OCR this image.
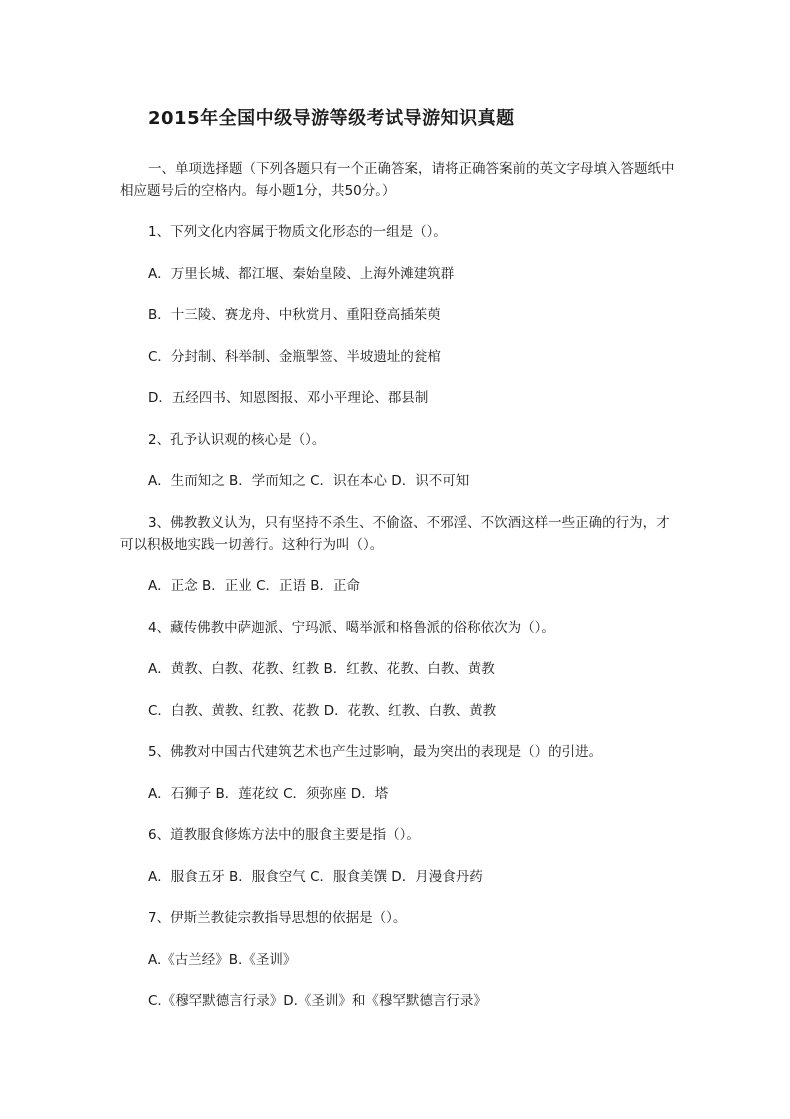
2015年全国中级导游等级考试导游知识真题
一、单项选择题（下列各题只有一个正确答案，请将正确答案前的英文字母填入答题纸中相应题号后的空格内。每小题1分，共50分。）
1、下列文化内容属于物质文化形态的一组是（）。
A．万里长城、都江堰、秦始皇陵、上海外滩建筑群
B．十三陵、赛龙舟、中秋赏月、重阳登高插茱萸
C．分封制、科举制、金瓶掣签、半坡遗址的瓮棺
D．五经四书、知恩图报、邓小平理论、郡县制
2、孔予认识观的核心是（）。
A．生而知之 B．学而知之 C．识在本心 D．识不可知
3、佛教教义认为，只有坚持不杀生、不偷盗、不邪淫、不饮酒这样一些正确的行为，才可以积极地实践一切善行。这种行为叫（）。
A．正念 B．正业 C．正语 B．正命
4、藏传佛教中萨迦派、宁玛派、噶举派和格鲁派的俗称依次为（）。
A．黄教、白教、花教、红教 B．红教、花教、白教、黄教
C．白教、黄教、红教、花教 D．花教、红教、白教、黄教
5、佛教对中国古代建筑艺术也产生过影响，最为突出的表现是（）的引进。
A．石狮子 B．莲花纹 C．须弥座 D．塔
6、道教服食修炼方法中的服食主要是指（）。
A．服食五牙 B．服食空气 C．服食美馔 D．月漫食丹药
7、伊斯兰教徒宗教指导思想的依据是（）。
A.《古兰经》B.《圣训》
C.《穆罕默德言行录》D.《圣训》和《穆罕默德言行录》
